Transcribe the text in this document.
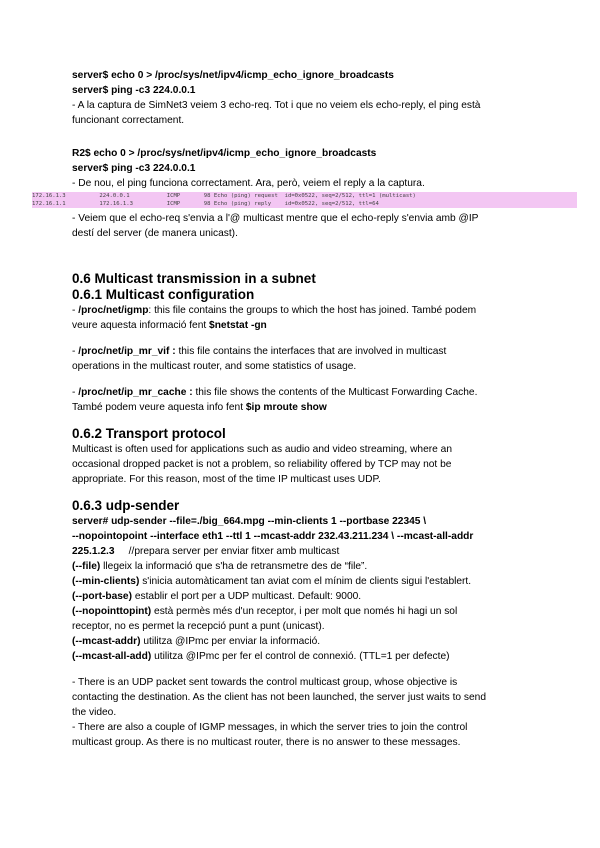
server$ echo 0 > /proc/sys/net/ipv4/icmp_echo_ignore_broadcasts
server$ ping -c3 224.0.0.1
- A la captura de SimNet3 veiem 3 echo-req. Tot i que no veiem els echo-reply, el ping està
funcionant correctament.
R2$ echo 0 > /proc/sys/net/ipv4/icmp_echo_ignore_broadcasts
server$ ping -c3 224.0.0.1
- De nou, el ping funciona correctament. Ara, però, veiem el reply a la captura.
172.16.1.3          224.0.0.1           ICMP       98 Echo (ping) request  id=0x0522, seq=2/512, ttl=1 (multicast)
172.16.1.1          172.16.1.3          ICMP       98 Echo (ping) reply    id=0x0522, seq=2/512, ttl=64
- Veiem que el echo-req s'envia a l'@ multicast mentre que el echo-reply s'envia amb @IP
destí del server (de manera unicast).
0.6 Multicast transmission in a subnet
0.6.1 Multicast configuration
- /proc/net/igmp: this file contains the groups to which the host has joined. També podem
veure aquesta informació fent $netstat -gn
- /proc/net/ip_mr_vif : this file contains the interfaces that are involved in multicast
operations in the multicast router, and some statistics of usage.
- /proc/net/ip_mr_cache : this file shows the contents of the Multicast Forwarding Cache.
També podem veure aquesta info fent $ip mroute show
0.6.2 Transport protocol
Multicast is often used for applications such as audio and video streaming, where an
occasional dropped packet is not a problem, so reliability offered by TCP may not be
appropriate. For this reason, most of the time IP multicast uses UDP.
0.6.3 udp-sender
server# udp-sender --file=./big_664.mpg --min-clients 1 --portbase 22345 \
--nopointopoint --interface eth1 --ttl 1 --mcast-addr 232.43.211.234 \ --mcast-all-addr
225.1.2.3     //prepara server per enviar fitxer amb multicast
(--file) llegeix la informació que s'ha de retransmetre des de “file”.
(--min-clients) s'inicia automàticament tan aviat com el mínim de clients sigui l'establert.
(--port-base) establir el port per a UDP multicast. Default: 9000.
(--nopointtopint) està permès més d'un receptor, i per molt que només hi hagi un sol
receptor, no es permet la recepció punt a punt (unicast).
(--mcast-addr) utilitza @IPmc per enviar la informació.
(--mcast-all-add) utilitza @IPmc per fer el control de connexió. (TTL=1 per defecte)
- There is an UDP packet sent towards the control multicast group, whose objective is
contacting the destination. As the client has not been launched, the server just waits to send
the video.
- There are also a couple of IGMP messages, in which the server tries to join the control
multicast group. As there is no multicast router, there is no answer to these messages.
